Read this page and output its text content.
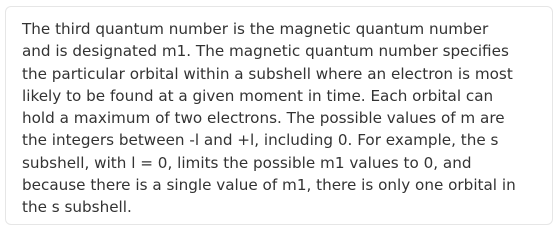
The third quantum number is the magnetic quantum number
and is designated m1. The magnetic quantum number specifies
the particular orbital within a subshell where an electron is most
likely to be found at a given moment in time. Each orbital can
hold a maximum of two electrons. The possible values of m are
the integers between -l and +l, including 0. For example, the s
subshell, with l = 0, limits the possible m1 values to 0, and
because there is a single value of m1, there is only one orbital in
the s subshell.
